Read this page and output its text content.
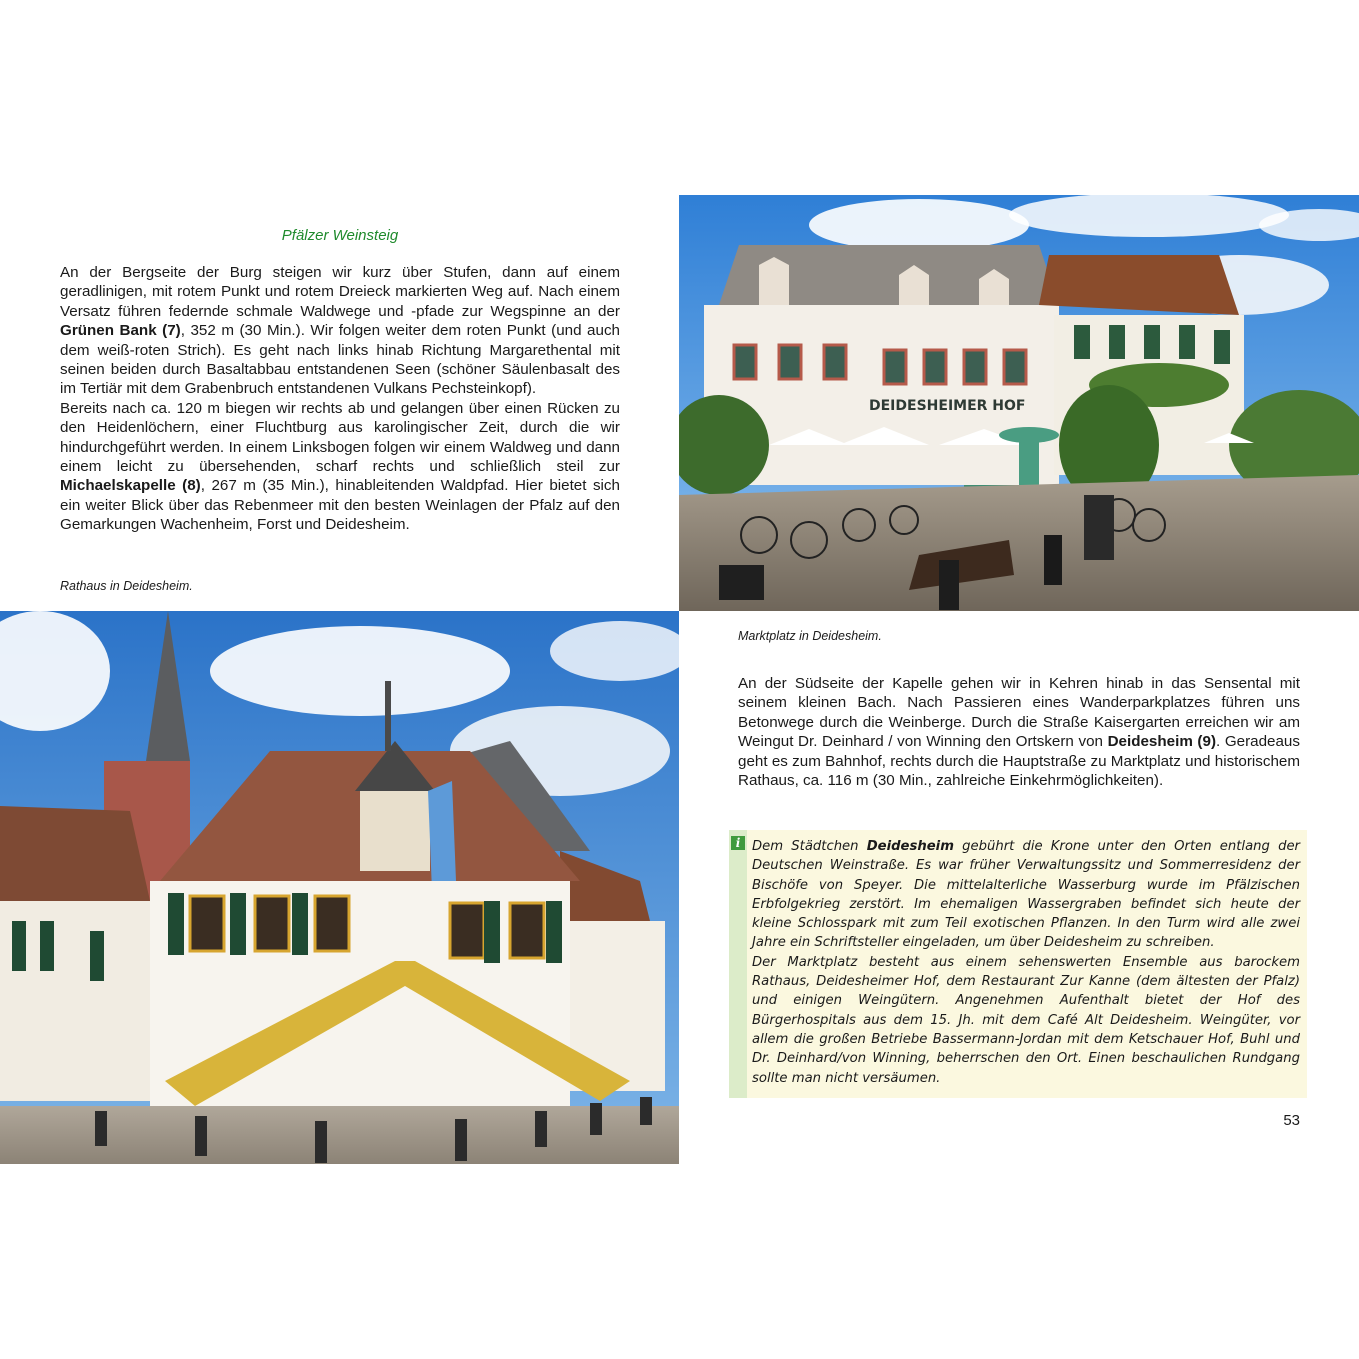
Pfälzer Weinsteig

An der Bergseite der Burg steigen wir kurz über Stufen, dann auf einem geradlinigen, mit rotem Punkt und rotem Dreieck markierten Weg auf. Nach einem Versatz führen federnde schmale Waldwege und -pfade zur Wegspinne an der Grünen Bank (7), 352 m (30 Min.). Wir folgen weiter dem roten Punkt (und auch dem weiß-roten Strich). Es geht nach links hinab Richtung Margarethental mit seinen beiden durch Basaltabbau entstandenen Seen (schöner Säulenbasalt des im Tertiär mit dem Grabenbruch entstandenen Vulkans Pechsteinkopf).
Bereits nach ca. 120 m biegen wir rechts ab und gelangen über einen Rücken zu den Heidenlöchern, einer Fluchtburg aus karolingischer Zeit, durch die wir hindurchgeführt werden. In einem Linksbogen folgen wir einem Waldweg und dann einem leicht zu übersehenden, scharf rechts und schließlich steil zur Michaelskapelle (8), 267 m (35 Min.), hinableitenden Waldpfad. Hier bietet sich ein weiter Blick über das Rebenmeer mit den besten Weinlagen der Pfalz auf den Gemarkungen Wachenheim, Forst und Deidesheim.

Rathaus in Deidesheim.
DEIDESHEIMER HOF
Marktplatz in Deidesheim.

An der Südseite der Kapelle gehen wir in Kehren hinab in das Sensental mit seinem kleinen Bach. Nach Passieren eines Wanderparkplatzes führen uns Betonwege durch die Weinberge. Durch die Straße Kaisergarten erreichen wir am Weingut Dr. Deinhard / von Winning den Ortskern von Deidesheim (9). Geradeaus geht es zum Bahnhof, rechts durch die Hauptstraße zu Marktplatz und historischem Rathaus, ca. 116 m (30 Min., zahlreiche Einkehrmöglichkeiten).

i Dem Städtchen Deidesheim gebührt die Krone unter den Orten entlang der Deutschen Weinstraße. Es war früher Verwaltungssitz und Sommerresidenz der Bischöfe von Speyer. Die mittelalterliche Wasserburg wurde im Pfälzischen Erbfolgekrieg zerstört. Im ehemaligen Wassergraben befindet sich heute der kleine Schlosspark mit zum Teil exotischen Pflanzen. In den Turm wird alle zwei Jahre ein Schriftsteller eingeladen, um über Deidesheim zu schreiben.
Der Marktplatz besteht aus einem sehenswerten Ensemble aus barockem Rathaus, Deidesheimer Hof, dem Restaurant Zur Kanne (dem ältesten der Pfalz) und einigen Weingütern. Angenehmen Aufenthalt bietet der Hof des Bürgerhospitals aus dem 15. Jh. mit dem Café Alt Deidesheim. Weingüter, vor allem die großen Betriebe Bassermann-Jordan mit dem Ketschauer Hof, Buhl und Dr. Deinhard/von Winning, beherrschen den Ort. Einen beschaulichen Rundgang sollte man nicht versäumen.

53
